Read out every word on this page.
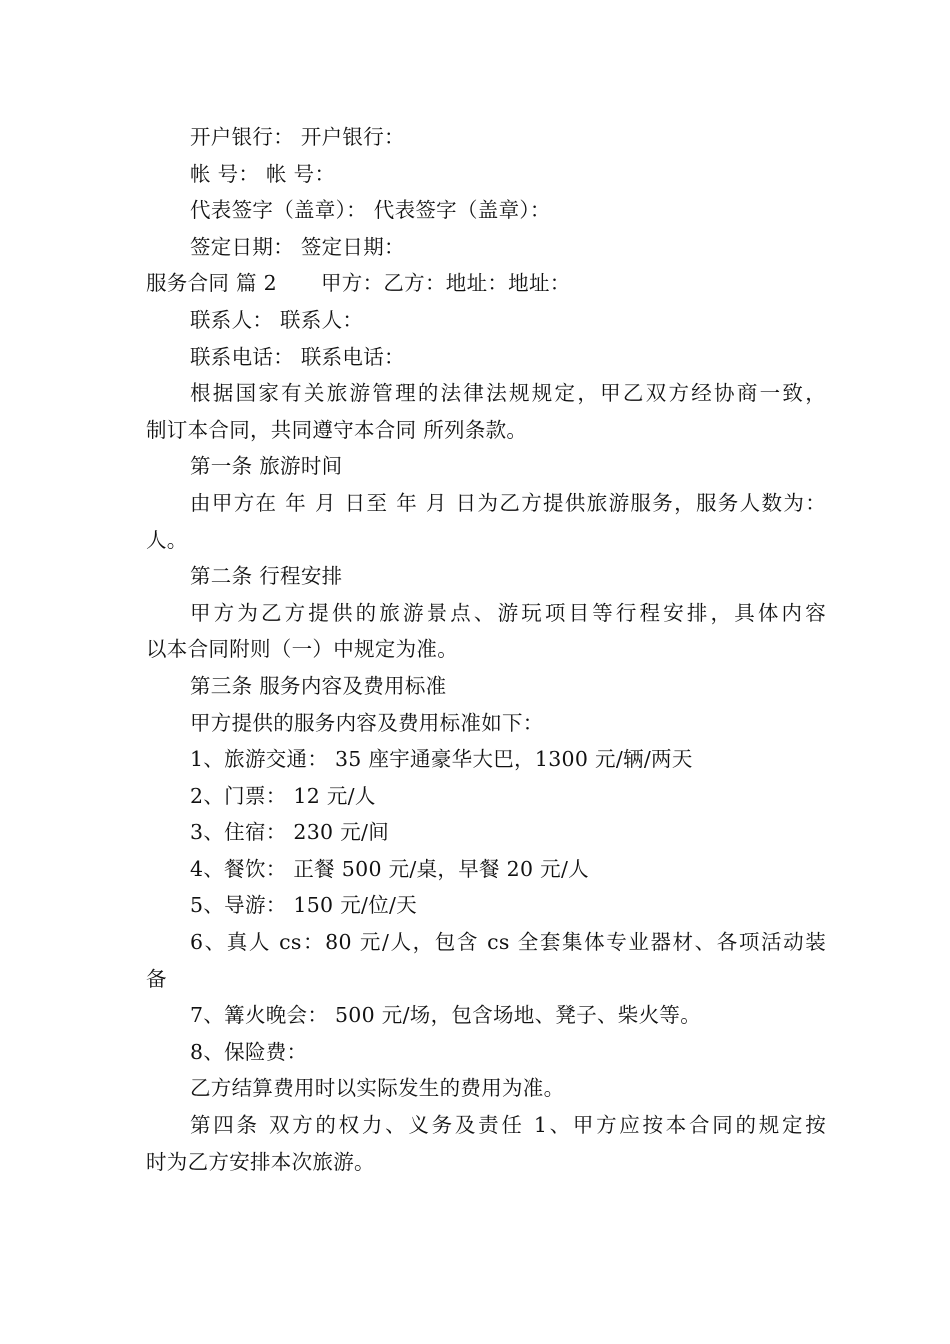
开户银行： 开户银行：
帐 号： 帐 号：
代表签字（盖章）： 代表签字（盖章）：
签定日期： 签定日期：
服务合同 篇 2 甲方：乙方：地址：地址：
联系人： 联系人：
联系电话： 联系电话：
根据国家有关旅游管理的法律法规规定，甲乙双方经协商一致，
制订本合同，共同遵守本合同 所列条款。
第一条 旅游时间
由甲方在 年 月 日至 年 月 日为乙方提供旅游服务，服务人数为：
人。
第二条 行程安排
甲方为乙方提供的旅游景点、游玩项目等行程安排，具体内容
以本合同附则（一）中规定为准。
第三条 服务内容及费用标准
甲方提供的服务内容及费用标准如下：
1、旅游交通： 35 座宇通豪华大巴，1300 元/辆/两天
2、门票： 12 元/人
3、住宿： 230 元/间
4、餐饮： 正餐 500 元/桌，早餐 20 元/人
5、导游： 150 元/位/天
6、真人 cs：80 元/人，包含 cs 全套集体专业器材、各项活动装
备
7、篝火晚会： 500 元/场，包含场地、凳子、柴火等。
8、保险费：
乙方结算费用时以实际发生的费用为准。
第四条 双方的权力、义务及责任 1、甲方应按本合同的规定按
时为乙方安排本次旅游。
